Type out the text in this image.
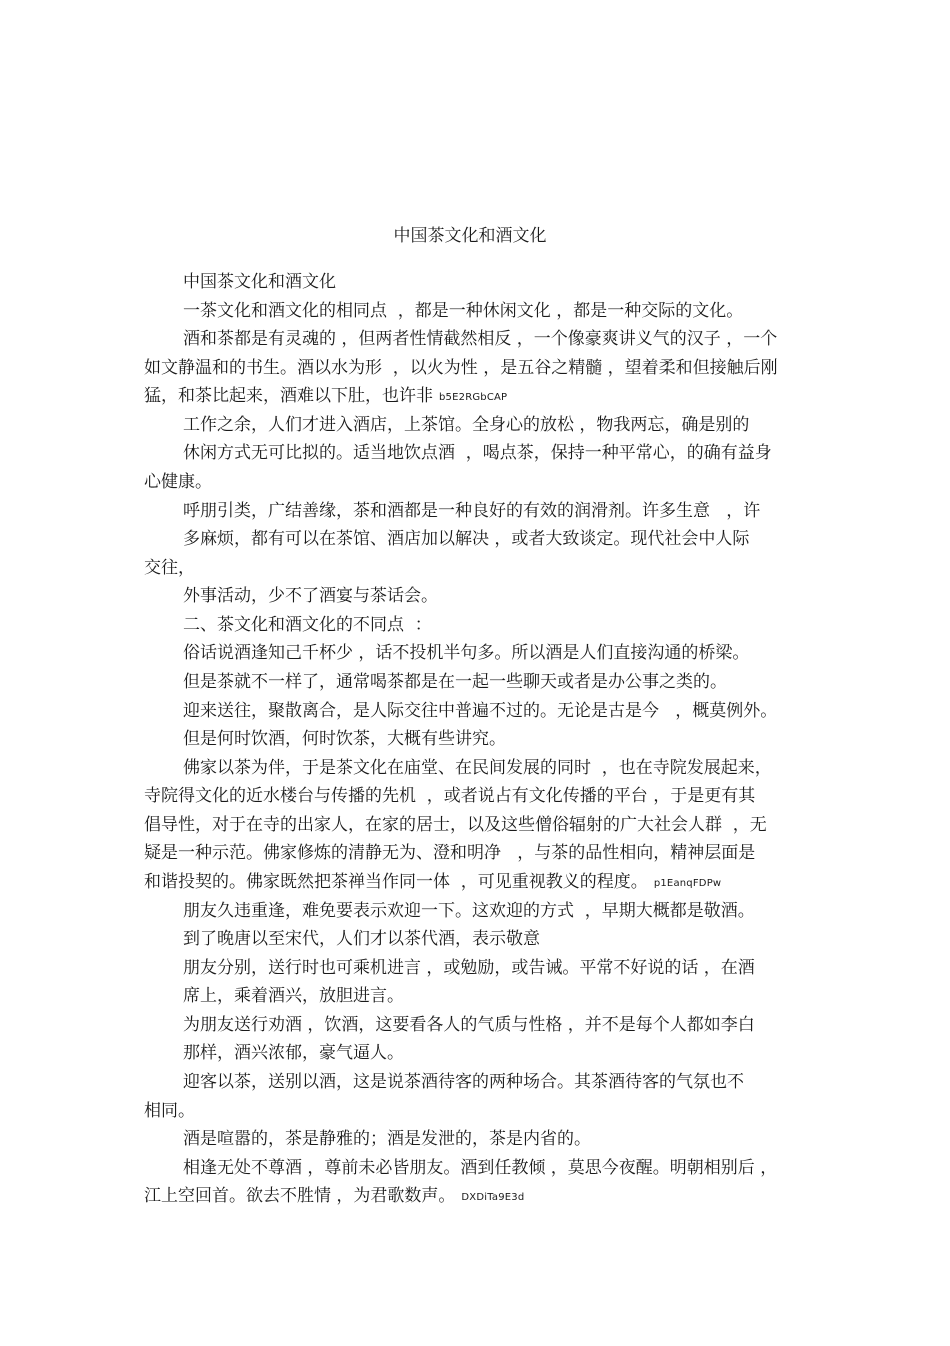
中国茶文化和酒文化
中国茶文化和酒文化
一茶文化和酒文化的相同点  ，都是一种休闲文化 ，都是一种交际的文化。
酒和茶都是有灵魂的 ，但两者性情截然相反 ，一个像豪爽讲义气的汉子 ，一个
如文静温和的书生。酒以水为形  ，以火为性 ，是五谷之精髓 ，望着柔和但接触后刚
猛，和茶比起来，酒难以下肚，也许非 b5E2RGbCAP
工作之余，人们才进入酒店，上茶馆。全身心的放松 ，物我两忘，确是别的
休闲方式无可比拟的。适当地饮点酒  ，喝点茶，保持一种平常心，的确有益身
心健康。
呼朋引类，广结善缘，茶和酒都是一种良好的有效的润滑剂。许多生意   ，许
多麻烦，都有可以在茶馆、酒店加以解决 ，或者大致谈定。现代社会中人际
交往，
外事活动，少不了酒宴与茶话会。
二、茶文化和酒文化的不同点  ：
俗话说酒逢知己千杯少 ，话不投机半句多。所以酒是人们直接沟通的桥梁。
但是茶就不一样了，通常喝茶都是在一起一些聊天或者是办公事之类的。
迎来送往，聚散离合，是人际交往中普遍不过的。无论是古是今   ，概莫例外。
但是何时饮酒，何时饮茶，大概有些讲究。
佛家以茶为伴，于是茶文化在庙堂、在民间发展的同时  ，也在寺院发展起来，
寺院得文化的近水楼台与传播的先机  ，或者说占有文化传播的平台 ，于是更有其
倡导性，对于在寺的出家人，在家的居士，以及这些僧俗辐射的广大社会人群  ，无
疑是一种示范。佛家修炼的清静无为、澄和明净   ，与茶的品性相向，精神层面是
和谐投契的。佛家既然把茶禅当作同一体  ，可见重视教义的程度。 p1EanqFDPw
朋友久违重逢，难免要表示欢迎一下。这欢迎的方式  ，早期大概都是敬酒。
到了晚唐以至宋代，人们才以茶代酒，表示敬意
朋友分别，送行时也可乘机进言 ，或勉励，或告诫。平常不好说的话 ，在酒
席上，乘着酒兴，放胆进言。
为朋友送行劝酒 ，饮酒，这要看各人的气质与性格 ，并不是每个人都如李白
那样，酒兴浓郁，豪气逼人。
迎客以茶，送别以酒，这是说茶酒待客的两种场合。其茶酒待客的气氛也不
相同。
酒是喧嚣的，茶是静雅的；酒是发泄的，茶是内省的。
相逢无处不尊酒 ，尊前未必皆朋友。酒到任教倾 ，莫思今夜醒。明朝相别后 ，
江上空回首。欲去不胜情 ，为君歌数声。 DXDiTa9E3d
